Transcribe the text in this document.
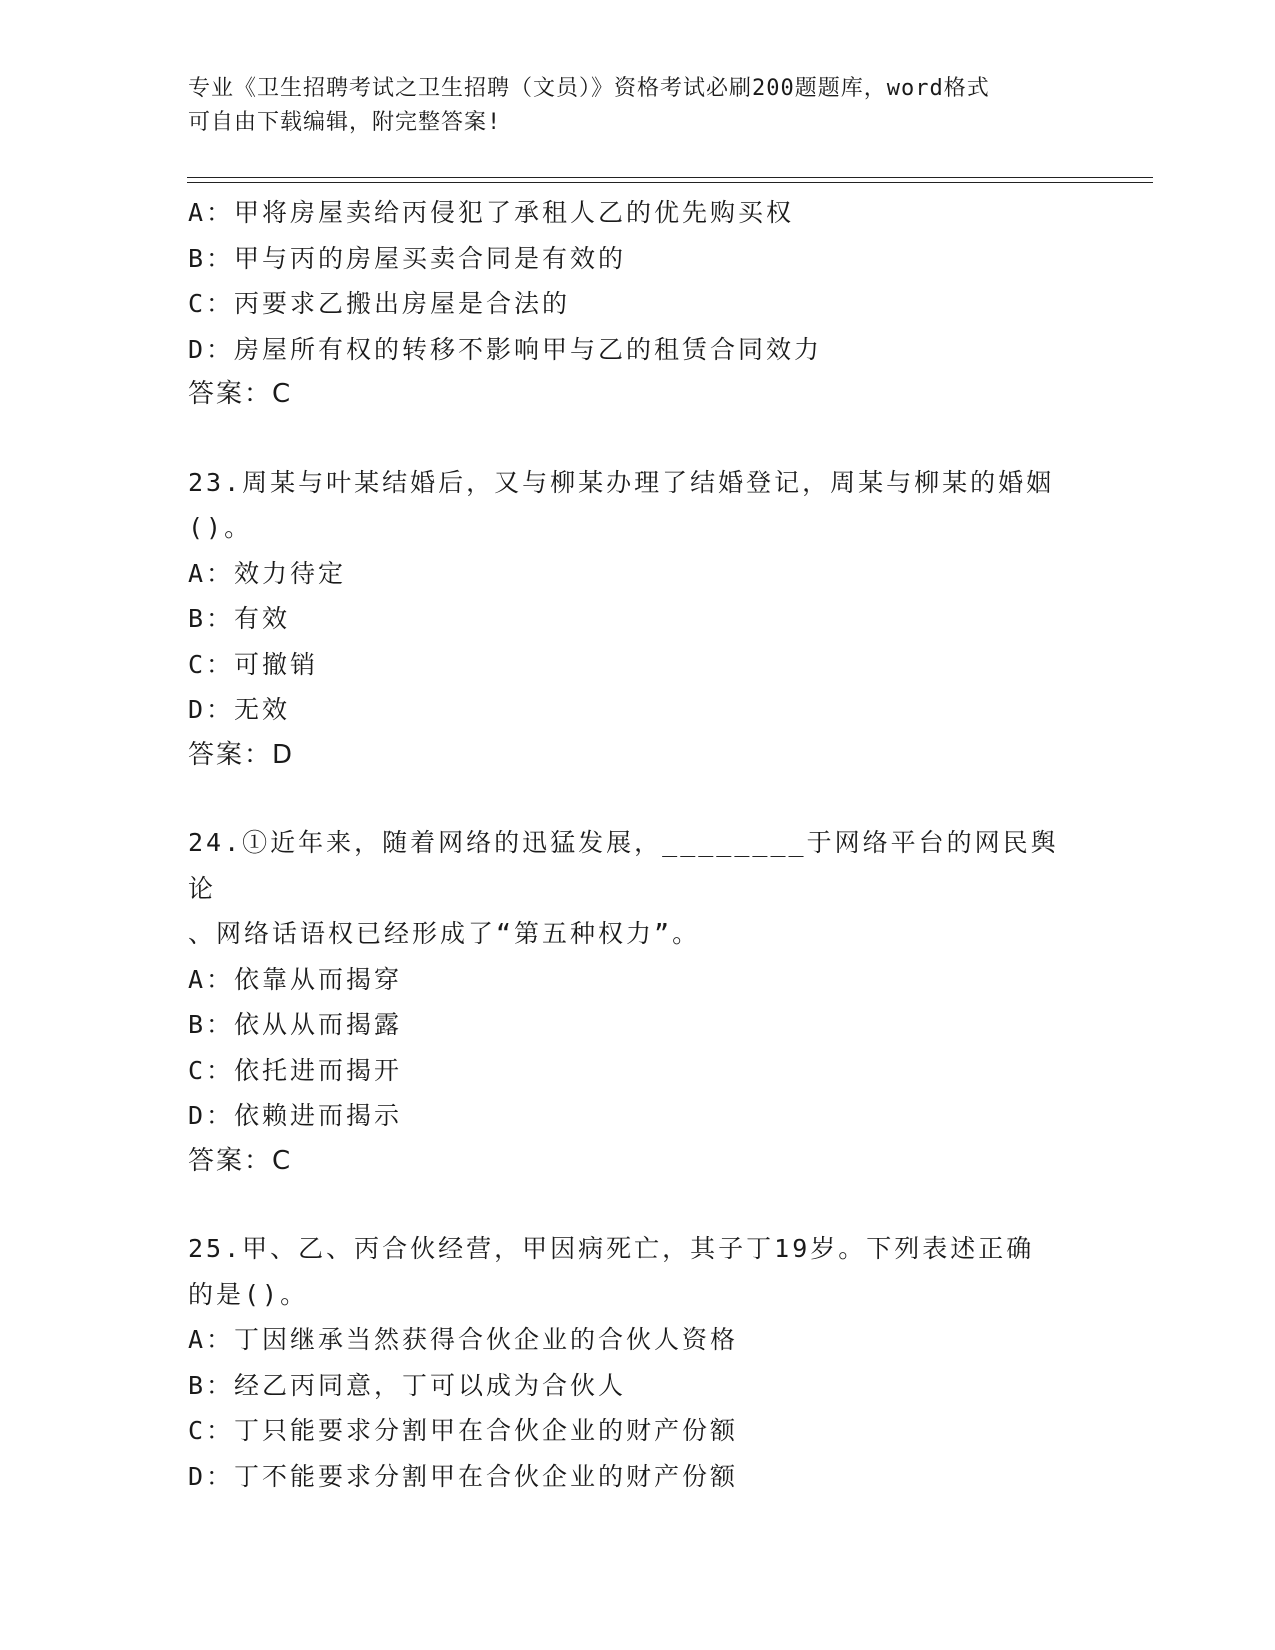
专业《卫生招聘考试之卫生招聘（文员）》资格考试必刷200题题库，word格式
可自由下载编辑，附完整答案!
A：甲将房屋卖给丙侵犯了承租人乙的优先购买权
B：甲与丙的房屋买卖合同是有效的
C：丙要求乙搬出房屋是合法的
D：房屋所有权的转移不影响甲与乙的租赁合同效力
答案：C
23.周某与叶某结婚后，又与柳某办理了结婚登记，周某与柳某的婚姻
()。
A：效力待定
B：有效
C：可撤销
D：无效
答案：D
24.①近年来，随着网络的迅猛发展，________于网络平台的网民舆论
、网络话语权已经形成了“第五种权力”。
A：依靠从而揭穿
B：依从从而揭露
C：依托进而揭开
D：依赖进而揭示
答案：C
25.甲、乙、丙合伙经营，甲因病死亡，其子丁19岁。下列表述正确
的是()。
A：丁因继承当然获得合伙企业的合伙人资格
B：经乙丙同意，丁可以成为合伙人
C：丁只能要求分割甲在合伙企业的财产份额
D：丁不能要求分割甲在合伙企业的财产份额
